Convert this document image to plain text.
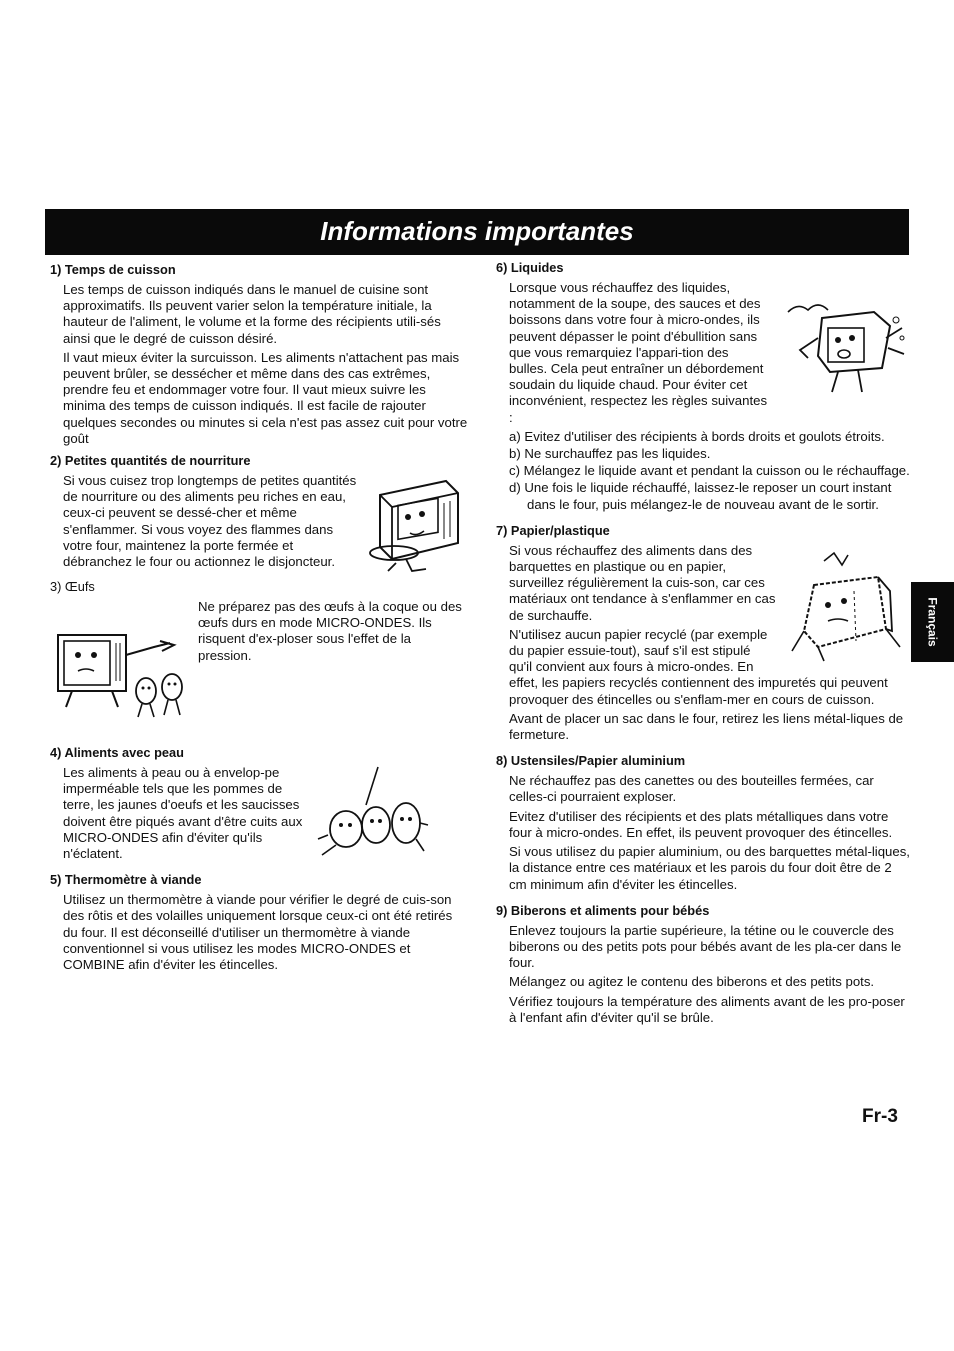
Informations importantes
1) Temps de cuisson

Les temps de cuisson indiqués dans le manuel de cuisine sont approximatifs. Ils peuvent varier selon la température initiale, la hauteur de l'aliment, le volume et la forme des récipients utili-sés ainsi que le degré de cuisson désiré.

Il vaut mieux éviter la surcuisson. Les aliments n'attachent pas mais peuvent brûler, se dessécher et même dans des cas extrêmes, prendre feu et endommager votre four. Il vaut mieux suivre les minima des temps de cuisson indiqués. Il est facile de rajouter quelques secondes ou minutes si cela n'est pas assez cuit pour votre goût

2) Petites quantités de nourriture

Si vous cuisez trop longtemps de petites quantités de nourriture ou des aliments peu riches en eau, ceux-ci peuvent se dessé-cher et même s'enflammer. Si vous voyez des flammes dans votre four, maintenez la porte fermée et débranchez le four ou actionnez le disjoncteur.

3) Œufs

Ne préparez pas des œufs à la coque ou des œufs durs en mode MICRO-ONDES. Ils risquent d'ex-ploser sous l'effet de la pression.

4) Aliments avec peau

Les aliments à peau ou à envelop-pe imperméable tels que les pommes de terre, les jaunes d'oeufs et les saucisses doivent être piqués avant d'être cuits aux MICRO-ONDES afin d'éviter qu'ils n'éclatent.

5) Thermomètre à viande

Utilisez un thermomètre à viande pour vérifier le degré de cuis-son des rôtis et des volailles uniquement lorsque ceux-ci ont été retirés du four. Il est déconseillé d'utiliser un thermomètre à viande conventionnel si vous utilisez les modes MICRO-ONDES et COMBINE afin d'éviter les étincelles.

6) Liquides

Lorsque vous réchauffez des liquides, notamment de la soupe, des sauces et des boissons dans votre four à micro-ondes, ils peuvent dépasser le point d'ébullition sans que vous remarquiez l'appari-tion des bulles. Cela peut entraîner un débordement soudain du liquide chaud. Pour éviter cet inconvénient, respectez les règles suivantes :

a) Evitez d'utiliser des récipients à bords droits et goulots étroits.
b) Ne surchauffez pas les liquides.
c) Mélangez le liquide avant et pendant la cuisson ou le réchauffage.
d) Une fois le liquide réchauffé, laissez-le reposer un court instant dans le four, puis mélangez-le de nouveau avant de le sortir.
7) Papier/plastique

Si vous réchauffez des aliments dans des barquettes en plastique ou en papier, surveillez régulièrement la cuis-son, car ces matériaux ont tendance à s'enflammer en cas de surchauffe.

N'utilisez aucun papier recyclé (par exemple du papier essuie-tout), sauf s'il est stipulé qu'il convient aux fours à micro-ondes. En effet, les papiers recyclés contiennent des impuretés qui peuvent provoquer des étincelles ou s'enflam-mer en cours de cuisson.

Avant de placer un sac dans le four, retirez les liens métal-liques de fermeture.

8) Ustensiles/Papier aluminium

Ne réchauffez pas des canettes ou des bouteilles fermées, car celles-ci pourraient exploser.

Evitez d'utiliser des récipients et des plats métalliques dans votre four à micro-ondes. En effet, ils peuvent provoquer des étincelles.

Si vous utilisez du papier aluminium, ou des barquettes métal-liques, la distance entre ces matériaux et les parois du four doit être de 2 cm minimum afin d'éviter les étincelles.

9) Biberons et aliments pour bébés

Enlevez toujours la partie supérieure, la tétine ou le couvercle des biberons ou des petits pots pour bébés avant de les pla-cer dans le four.

Mélangez ou agitez le contenu des biberons et des petits pots.

Vérifiez toujours la température des aliments avant de les pro-poser à l'enfant afin d'éviter qu'il se brûle.

Français
Fr-3
